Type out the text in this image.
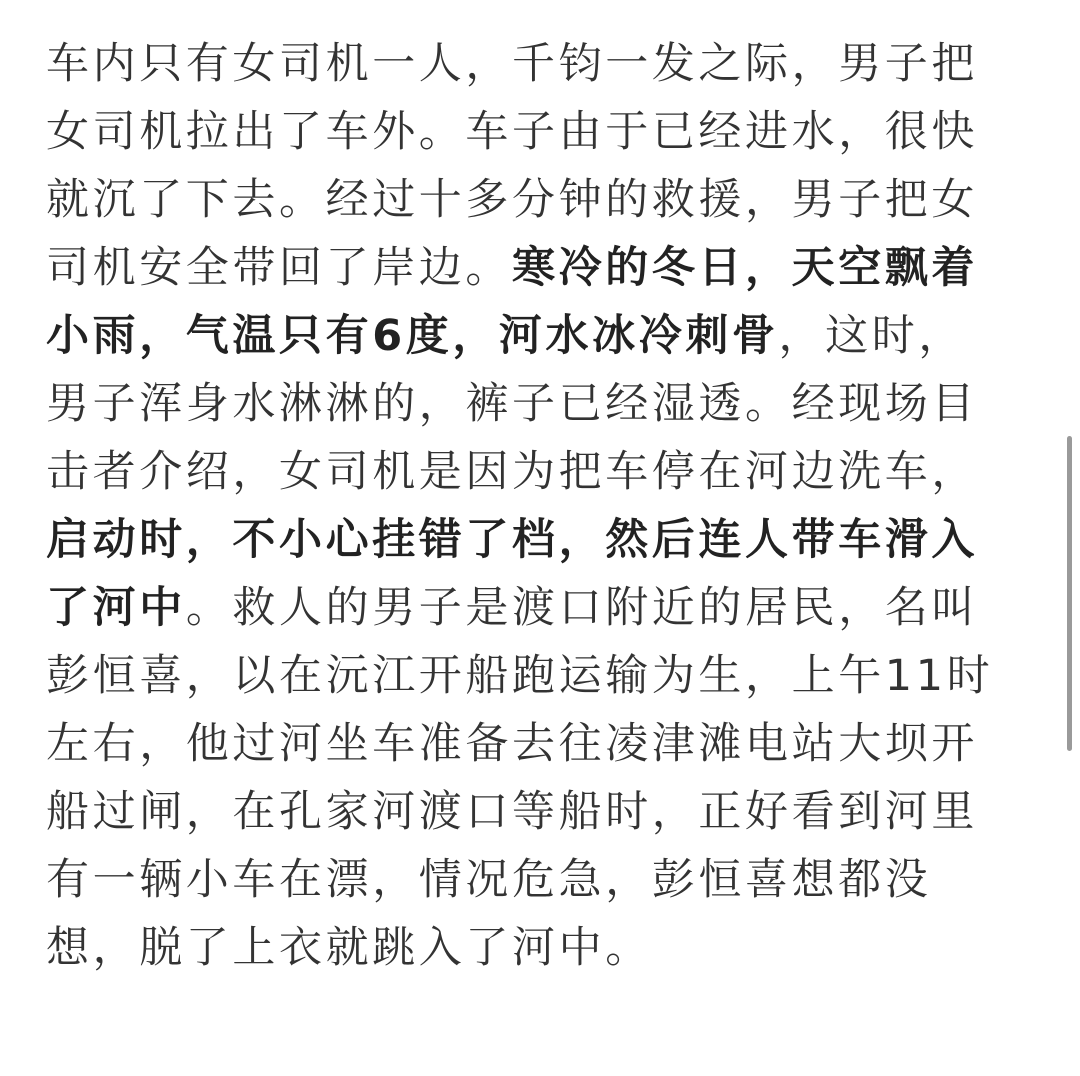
车内只有女司机一人，千钧一发之际，男子把
女司机拉出了车外。车子由于已经进水，很快
就沉了下去。经过十多分钟的救援，男子把女
司机安全带回了岸边。寒冷的冬日，天空飘着
小雨，气温只有6度，河水冰冷刺骨，这时，
男子浑身水淋淋的，裤子已经湿透。经现场目
击者介绍，女司机是因为把车停在河边洗车，
启动时，不小心挂错了档，然后连人带车滑入
了河中。救人的男子是渡口附近的居民，名叫
彭恒喜，以在沅江开船跑运输为生，上午11时
左右，他过河坐车准备去往凌津滩电站大坝开
船过闸，在孔家河渡口等船时，正好看到河里
有一辆小车在漂，情况危急，彭恒喜想都没
想，脱了上衣就跳入了河中。
